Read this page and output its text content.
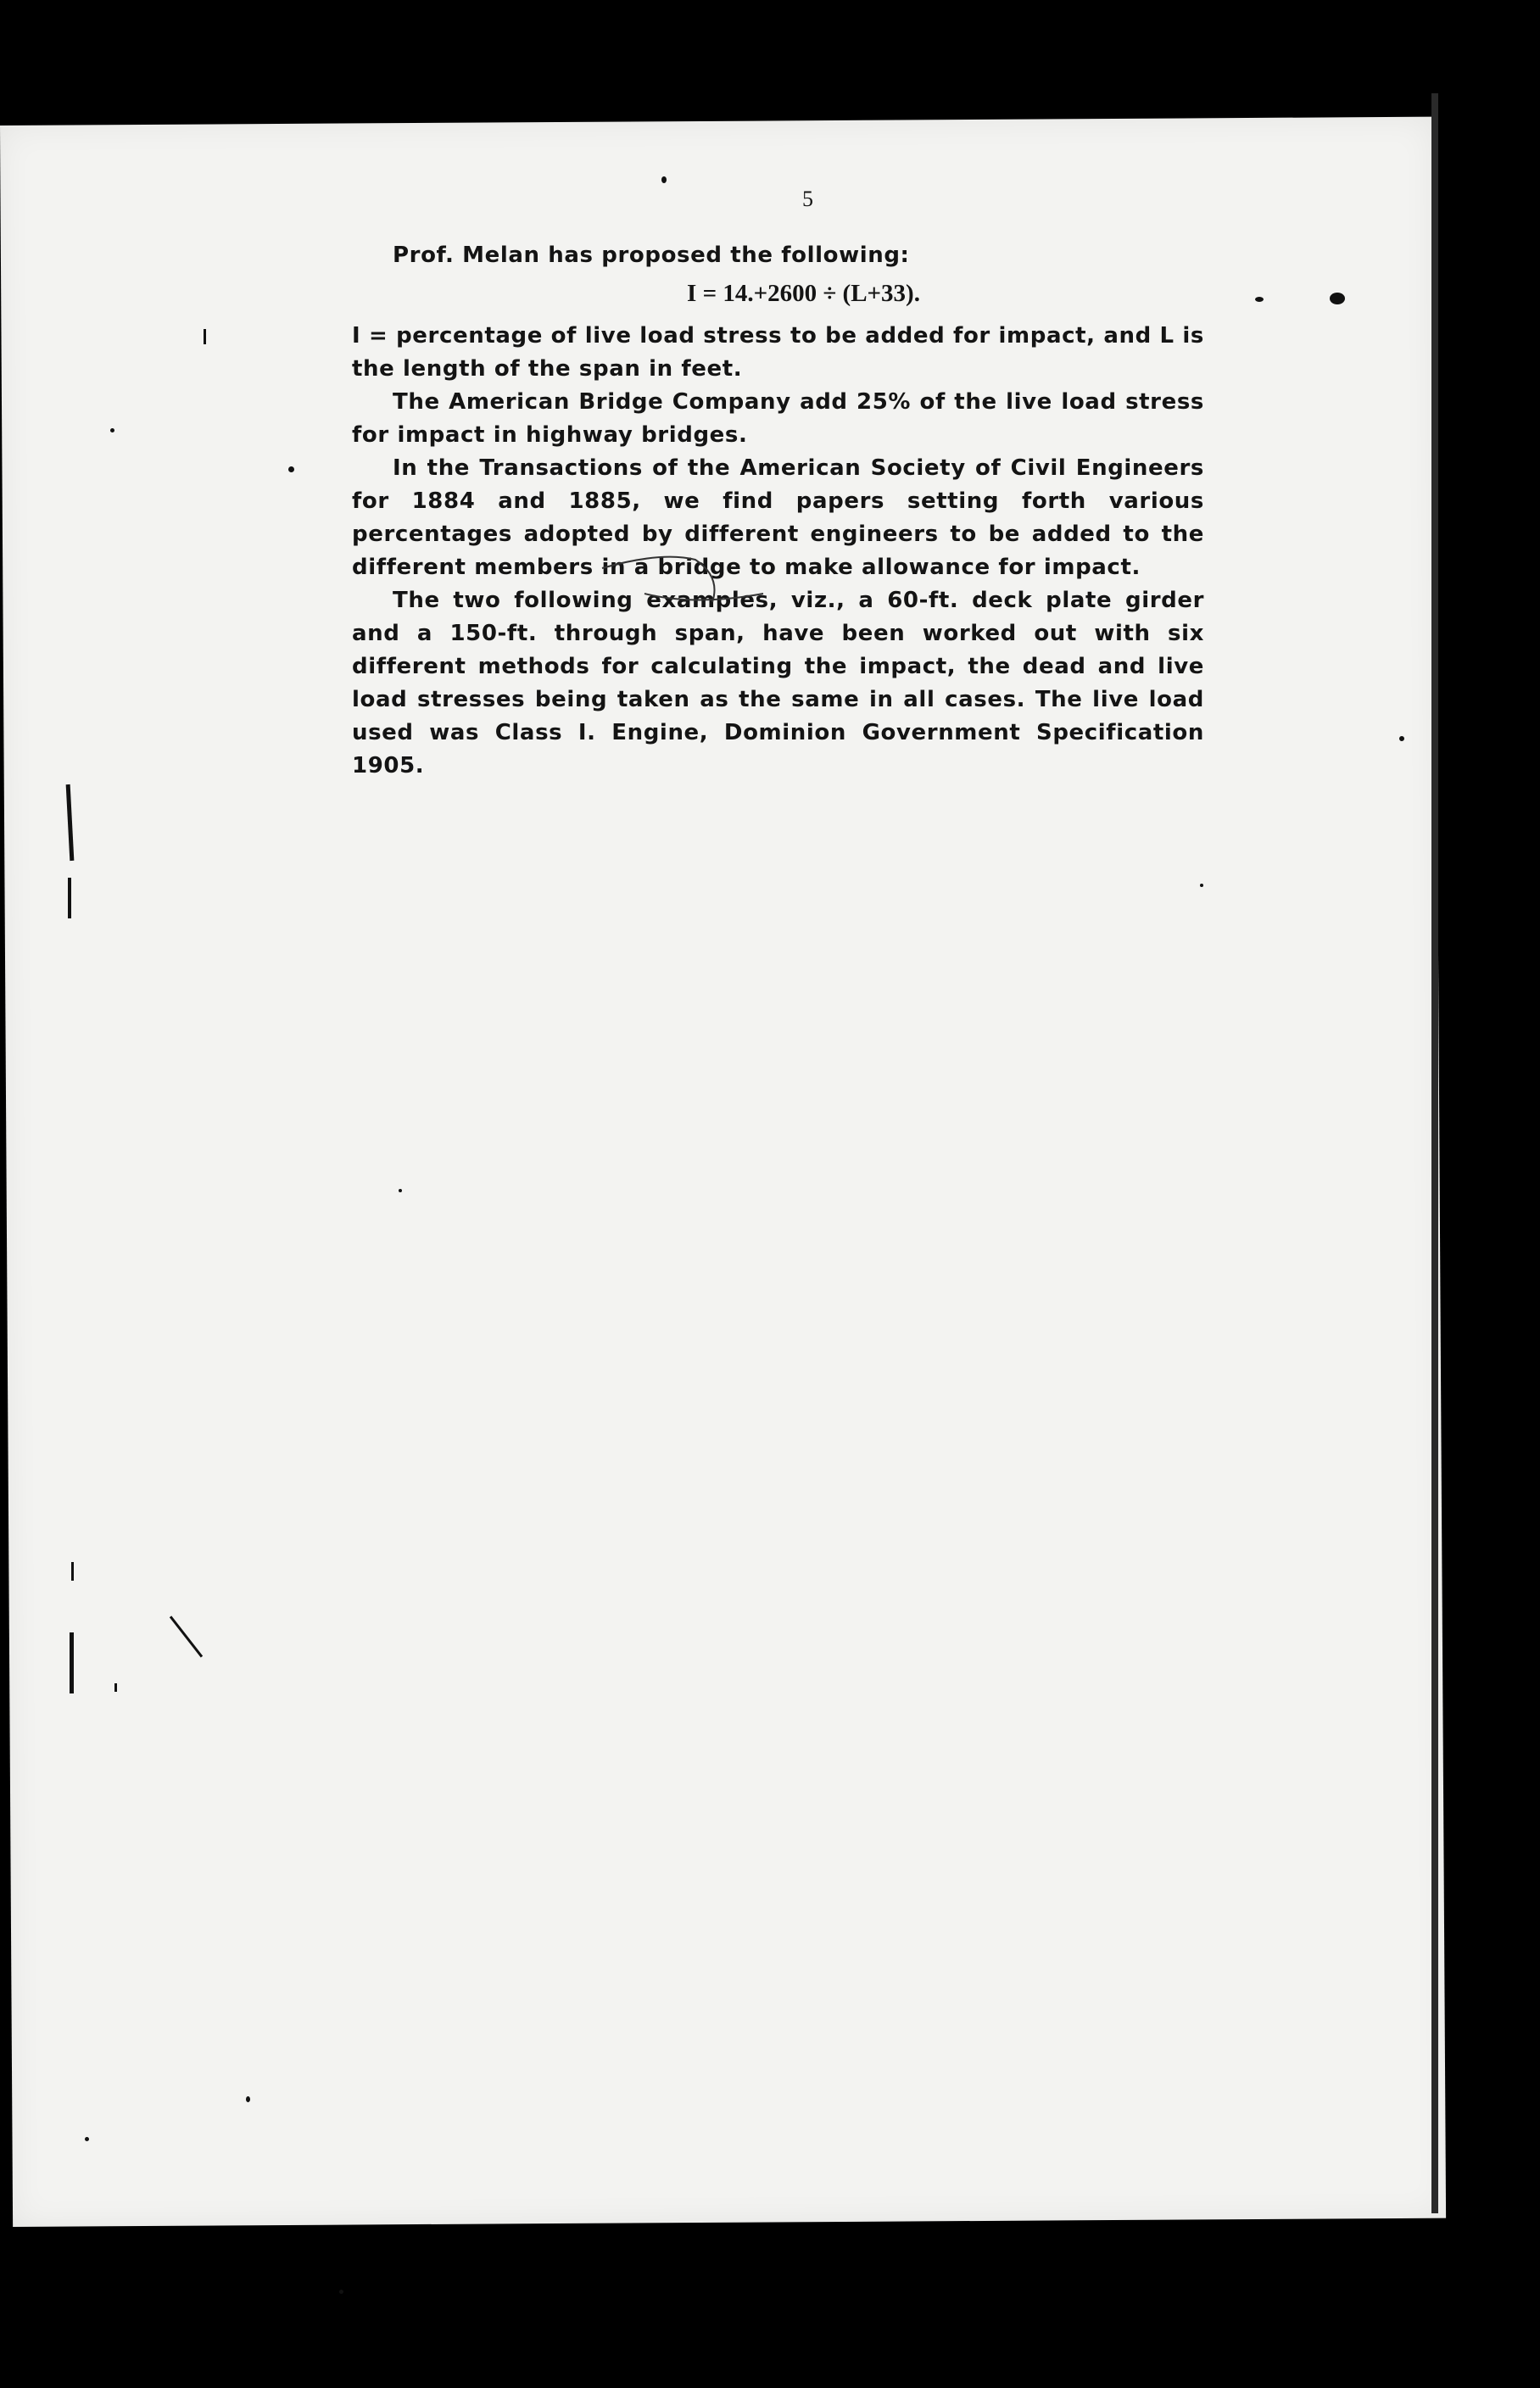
5

Prof. Melan has proposed the following:

I = 14.+2600 ÷ (L+33).

I = percentage of live load stress to be added for impact, and L is the length of the span in feet.

The American Bridge Company add 25% of the live load stress for impact in highway bridges.

In the Transactions of the American Society of Civil Engineers for 1884 and 1885, we find papers setting forth various percentages adopted by different engineers to be added to the different members in a bridge to make allowance for impact.

The two following examples, viz., a 60-ft. deck plate girder and a 150-ft. through span, have been worked out with six different methods for calculating the impact, the dead and live load stresses being taken as the same in all cases. The live load used was Class I. Engine, Dominion Government Specification 1905.
